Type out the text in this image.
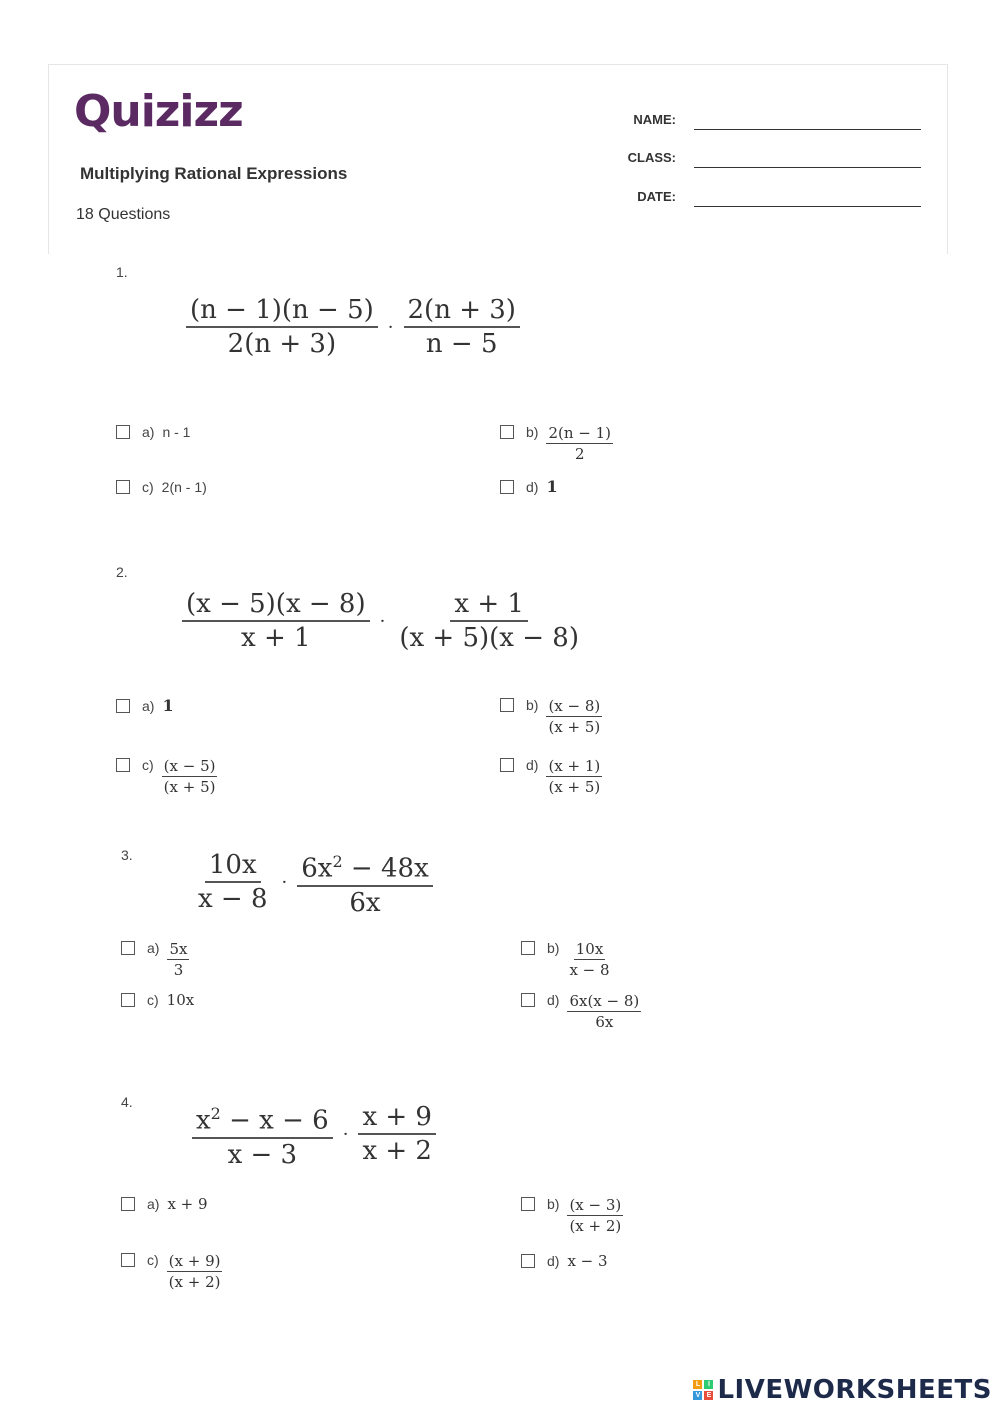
Quizizz
Multiplying Rational Expressions
18 Questions
NAME:
CLASS:
DATE:
1.
$\frac{(n - 1)(n - 5)}{2(n + 3)} \cdot \frac{2(n + 3)}{n - 5}$
a) n - 1	$b) \frac{2(n - 1)}{2}$
c) 2(n - 1)	d) 1
2.
$\frac{(x - 5)(x - 8)}{x + 1} \cdot \frac{x + 1}{(x + 5)(x - 8)}$
a) 1	$b) \frac{(x - 8)}{(x + 5)}$
$c) \frac{(x - 5)}{(x + 5)}$	$d) \frac{(x + 1)}{(x + 5)}$
3. $\frac{10x}{x - 8} \cdot \frac{6x^2 - 48x}{6x}$
$a) \frac{5x}{3}$	$b) \frac{10x}{x - 8}$
c) 10x	$d) \frac{6x(x - 8)}{6x}$
4. $\frac{x^2 - x - 6}{x - 3} \cdot \frac{x + 9}{x + 2}$
a) x + 9	$b) \frac{(x - 3)}{(x + 2)}$
$c) \frac{(x + 9)}{(x + 2)}$	d) x − 3
L	I
V E LIVEWORKSHEETS
